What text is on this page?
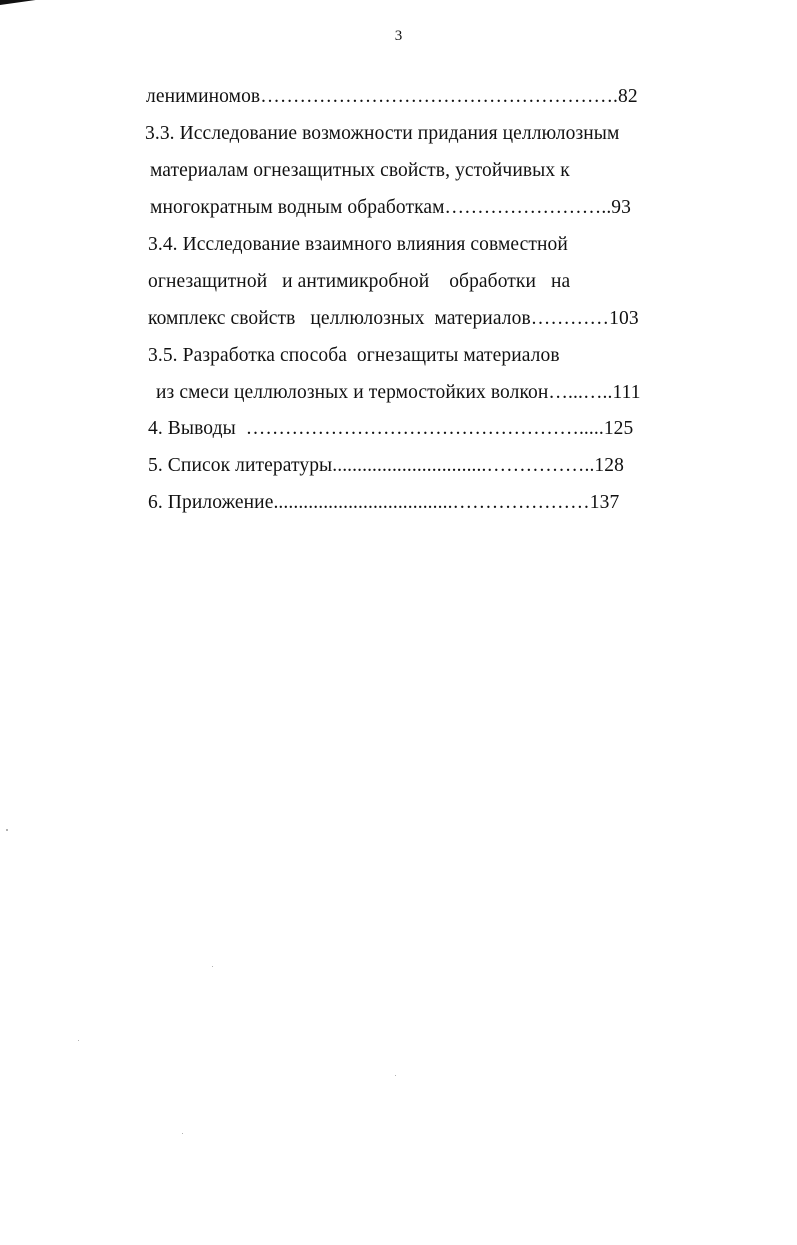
3
лениминомов……………………………………………….82
3.3. Исследование возможности придания целлюлозным
материалам огнезащитных свойств, устойчивых к
многократным водным обработкам……………………..93
3.4. Исследование взаимного влияния совместной
огнезащитной   и антимикробной    обработки   на
комплекс свойств   целлюлозных  материалов…………103
3.5. Разработка способа  огнезащиты материалов
из смеси целлюлозных и термостойких волкон…...…..111
4. Выводы  …………………………………………….....125
5. Список литературы...............................……………..128
6. Приложение....................................…………………137
